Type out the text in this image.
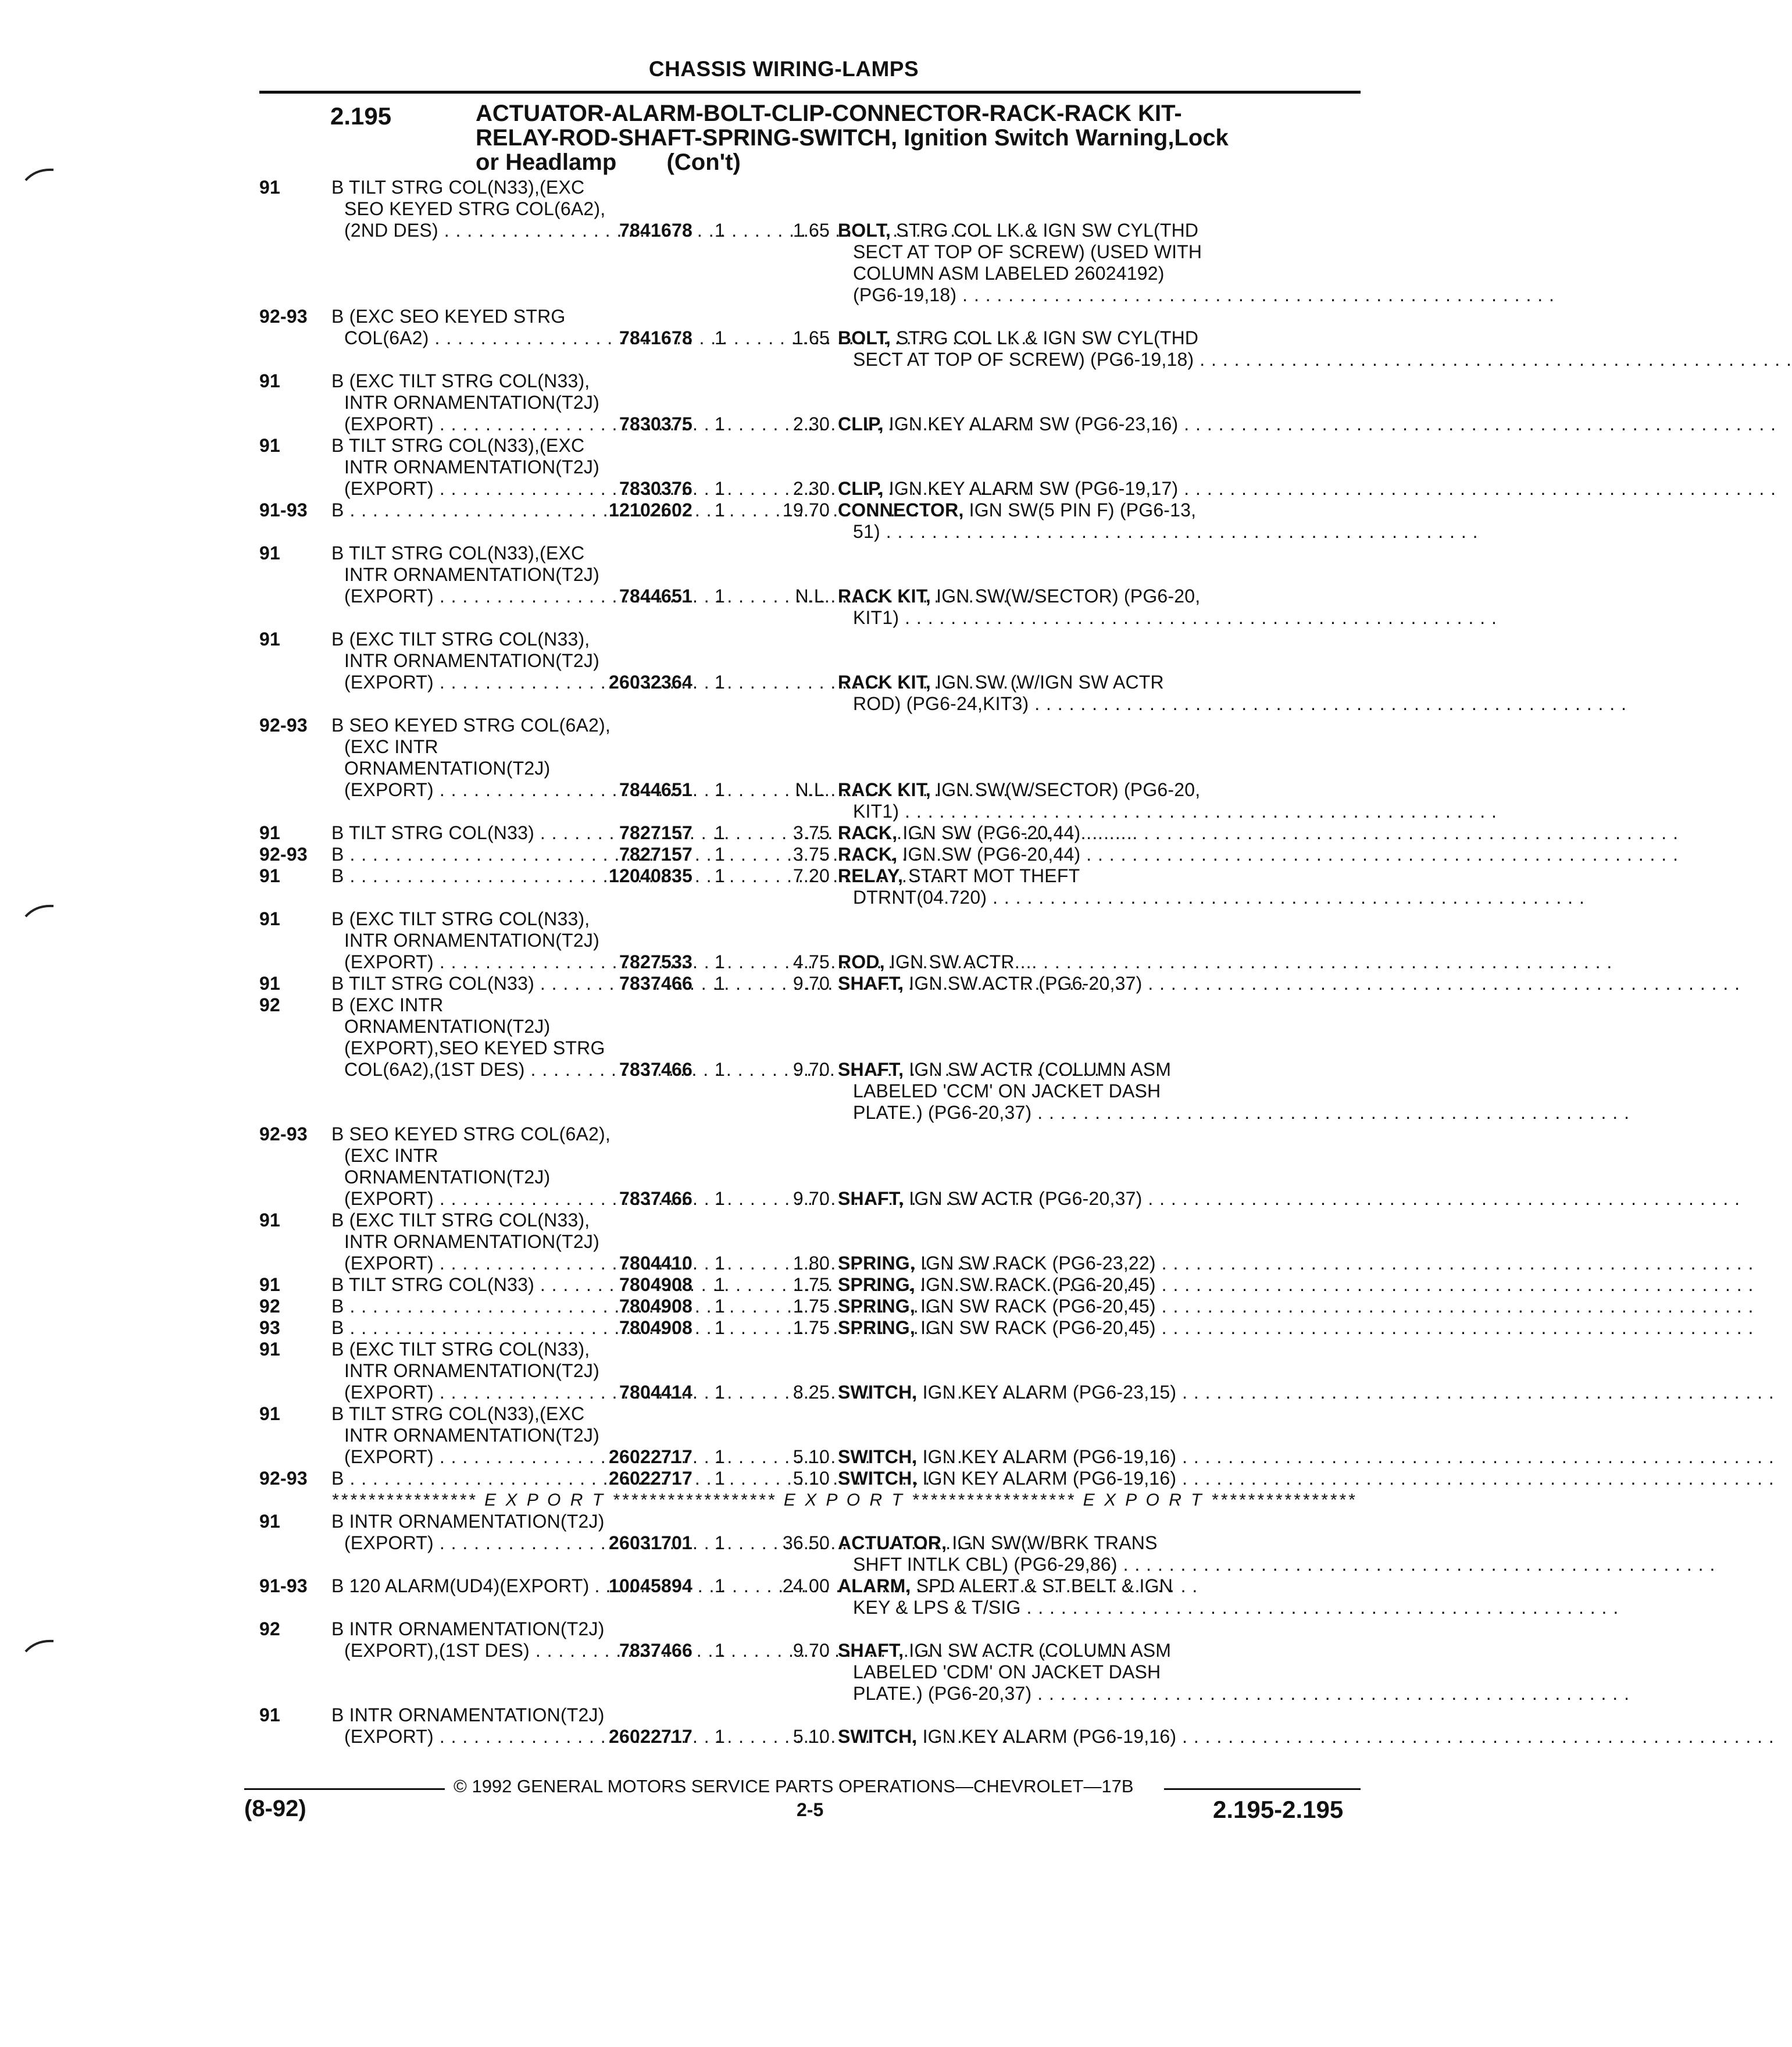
CHASSIS WIRING-LAMPS
2.195	ACTUATOR-ALARM-BOLT-CLIP-CONNECTOR-RACK-RACK KIT-
RELAY-ROD-SHAFT-SPRING-SWITCH, Ignition Switch Warning,Lock
or Headlamp (Con't)
91	B TILT STRG COL(N33),(EXC
SEO KEYED STRG COL(6A2),
(2ND DES) . . .	7841678	1	1.65 BOLT, STRG COL LK & IGN SW CYL(THD
SECT AT TOP OF SCREW) (USED WITH
COLUMN ASM LABELED 26024192)
(PG6-19,18) . . .
92-93	B (EXC SEO KEYED STRG
COL(6A2) . . .	7841678	1	1.65 BOLT, STRG COL LK & IGN SW CYL(THD
SECT AT TOP OF SCREW) (PG6-19,18) . . .
91	B (EXC TILT STRG COL(N33),
INTR ORNAMENTATION(T2J)
(EXPORT) . . .	7830375	1	2.30 CLIP, IGN KEY ALARM SW (PG6-23,16) . . .
91	B TILT STRG COL(N33),(EXC
INTR ORNAMENTATION(T2J)
(EXPORT) . . .	7830376	1	2.30 CLIP, IGN KEY ALARM SW (PG6-19,17) . . .
91-93	B . . .	12102602	1	19.70 CONNECTOR, IGN SW(5 PIN F) (PG6-13,
51) . . .
91	B TILT STRG COL(N33),(EXC
INTR ORNAMENTATION(T2J)
(EXPORT) . . .	7844651	1	N.L. RACK KIT, IGN SW(W/SECTOR) (PG6-20,
KIT1) . . .
91	B (EXC TILT STRG COL(N33),
INTR ORNAMENTATION(T2J)
(EXPORT) . . .	26032364	1	RACK KIT, IGN SW (W/IGN SW ACTR
ROD) (PG6-24,KIT3) . . .
92-93	B SEO KEYED STRG COL(6A2),
(EXC INTR
ORNAMENTATION(T2J)
(EXPORT) . . .	7844651	1	N.L. RACK KIT, IGN SW(W/SECTOR) (PG6-20,
KIT1) . . .
91	B TILT STRG COL(N33) . . .	7827157	1	3.75 RACK, IGN SW (PG6-20,44) . . .
92-93	B . . .	7827157	1	3.75 RACK, IGN SW (PG6-20,44) . . .
91	B . . .	12040835	1	7.20 RELAY, START MOT THEFT
DTRNT(04.720) . . .
91	B (EXC TILT STRG COL(N33),
INTR ORNAMENTATION(T2J)
(EXPORT) . . .	7827533	1	4.75 ROD, IGN SW ACTR . . .
91	B TILT STRG COL(N33) . . .	7837466	1	9.70 SHAFT, IGN SW ACTR (PG6-20,37) . . .
92	B (EXC INTR
ORNAMENTATION(T2J)
(EXPORT),SEO KEYED STRG
COL(6A2),(1ST DES) . . .	7837466	1	9.70 SHAFT, IGN SW ACTR (COLUMN ASM
LABELED 'CCM' ON JACKET DASH
PLATE.) (PG6-20,37) . . .
92-93	B SEO KEYED STRG COL(6A2),
(EXC INTR
ORNAMENTATION(T2J)
(EXPORT) . . .	7837466	1	9.70 SHAFT, IGN SW ACTR (PG6-20,37) . . .
91	B (EXC TILT STRG COL(N33),
INTR ORNAMENTATION(T2J)
(EXPORT) . . .	7804410	1	1.80 SPRING, IGN SW RACK (PG6-23,22) . . .
91	B TILT STRG COL(N33) . . .	7804908	1	1.75 SPRING, IGN SW RACK (PG6-20,45) . . .
92	B . . .	7804908	1	1.75 SPRING, IGN SW RACK (PG6-20,45) . . .
93	B . . .	7804908	1	1.75 SPRING, IGN SW RACK (PG6-20,45) . . .
91	B (EXC TILT STRG COL(N33),
INTR ORNAMENTATION(T2J)
(EXPORT) . . .	7804414	1	8.25 SWITCH, IGN KEY ALARM (PG6-23,15) . . .
91	B TILT STRG COL(N33),(EXC
INTR ORNAMENTATION(T2J)
(EXPORT) . . .	26022717	1	5.10 SWITCH, IGN KEY ALARM (PG6-19,16) . . .
92-93	B . . .	26022717	1	5.10 SWITCH, IGN KEY ALARM (PG6-19,16) . . .
**************** E X P O R T ****************** E X P O R T ****************** E X P O R T ****************
91	B INTR ORNAMENTATION(T2J)
(EXPORT) . . .	26031701	1	36.50 ACTUATOR, IGN SW(W/BRK TRANS
SHFT INTLK CBL) (PG6-29,86) . . .
91-93	B 120 ALARM(UD4)(EXPORT) . . . . 10045894	1	24.00 ALARM, SPD ALERT & ST BELT & IGN
KEY & LPS & T/SIG . . .
92	B INTR ORNAMENTATION(T2J)
(EXPORT),(1ST DES) . . .	7837466	1	9.70 SHAFT, IGN SW ACTR (COLUMN ASM
LABELED 'CDM' ON JACKET DASH
PLATE.) (PG6-20,37) . . .
91	B INTR ORNAMENTATION(T2J)
(EXPORT) . . .	26022717	1	5.10 SWITCH, IGN KEY ALARM (PG6-19,16) . . .
© 1992 GENERAL MOTORS SERVICE PARTS OPERATIONS—CHEVROLET—17B
(8-92)	2-5	2.195-2.195
